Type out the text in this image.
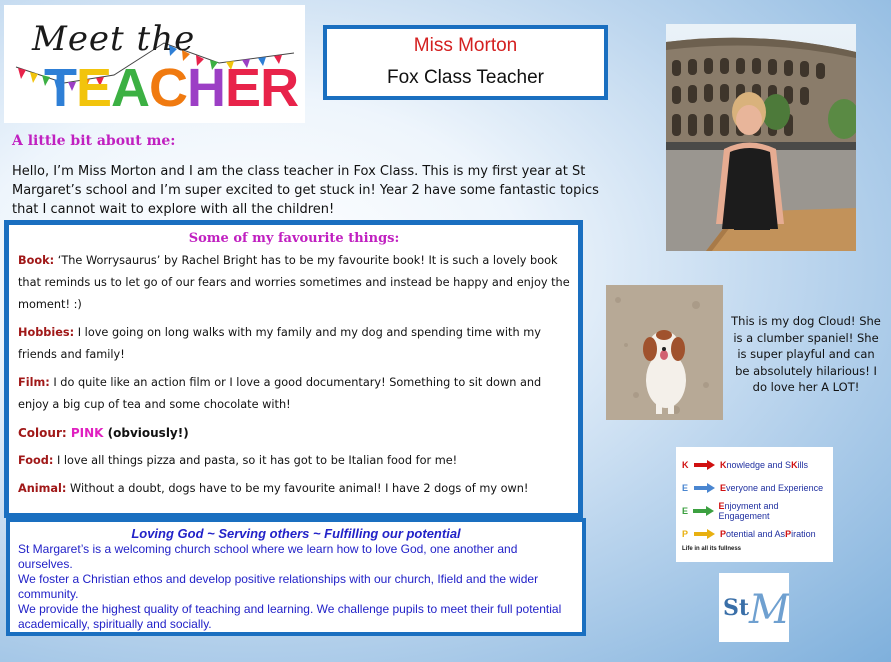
Meet the
TEACHER
Miss Morton
Fox Class Teacher
A little bit about me:
Hello, I’m Miss Morton and I am the class teacher in Fox Class. This is my first year at St Margaret’s school and I’m super excited to get stuck in! Year 2 have some fantastic topics that I cannot wait to explore with all the children!
Some of my favourite things:
Book: ‘The Worrysaurus’ by Rachel Bright has to be my favourite book! It is such a lovely book that reminds us to let go of our fears and worries sometimes and instead be happy and enjoy the moment! :)
Hobbies: I love going on long walks with my family and my dog and spending time with my friends and family!
Film: I do quite like an action film or I love a good documentary! Something to sit down and enjoy a big cup of tea and some chocolate with!
Colour: PINK (obviously!)
Food: I love all things pizza and pasta, so it has got to be Italian food for me!
Animal: Without a doubt, dogs have to be my favourite animal! I have 2 dogs of my own!
Loving God ~ Serving others ~ Fulfilling our potential
St Margaret’s is a welcoming church school where we learn how to love God, one another and ourselves.
We foster a Christian ethos and develop positive relationships with our church, Ifield and the wider community.
We provide the highest quality of teaching and learning. We challenge pupils to meet their full potential academically, spiritually and socially.
This is my dog Cloud! She is a clumber spaniel! She is super playful and can be absolutely hilarious! I do love her A LOT!
K	Knowledge and SKills
E	Everyone and Experience
E	Enjoyment and Engagement
P	Potential and AsPiration
Life in all its fullness
St M
